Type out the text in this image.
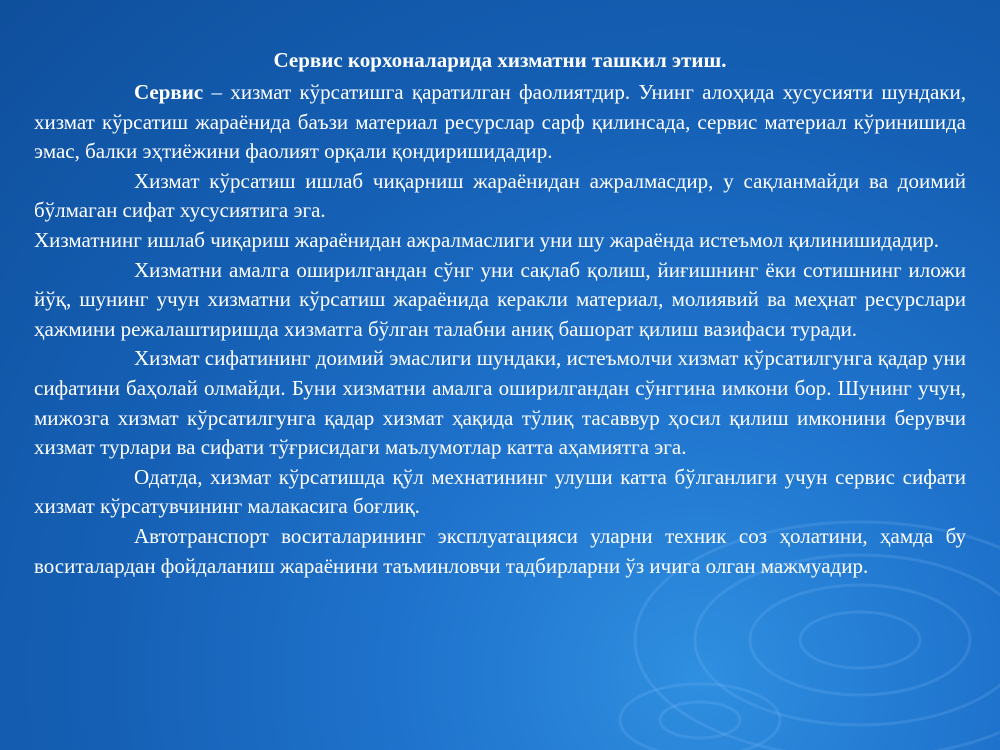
Сервис корхоналарида хизматни ташкил этиш.

Сервис – хизмат кўрсатишга қаратилган фаолиятдир. Унинг алоҳида хусусияти шундаки, хизмат кўрсатиш жараёнида баъзи материал ресурслар сарф қилинсада, сервис материал кўринишида эмас, балки эҳтиёжини фаолият орқали қондиришидадир.

Хизмат кўрсатиш ишлаб чиқарниш жараёнидан ажралмасдир, у сақланмайди ва доимий бўлмаган сифат хусусиятига эга.

Хизматнинг ишлаб чиқариш жараёнидан ажралмаслиги уни шу жараёнда истеъмол қилинишидадир.

Хизматни амалга оширилгандан сўнг уни сақлаб қолиш, йиғишнинг ёки сотишнинг иложи йўқ, шунинг учун хизматни кўрсатиш жараёнида керакли материал, молиявий ва меҳнат ресурслари ҳажмини режалаштиришда хизматга бўлган талабни аниқ башорат қилиш вазифаси туради.

Хизмат сифатининг доимий эмаслиги шундаки, истеъмолчи хизмат кўрсатилгунга қадар уни сифатини баҳолай олмайди. Буни хизматни амалга оширилгандан сўнггина имкони бор. Шунинг учун, мижозга хизмат кўрсатилгунга қадар хизмат ҳақида тўлиқ тасаввур ҳосил қилиш имконини берувчи хизмат турлари ва сифати тўғрисидаги маълумотлар катта аҳамиятга эга.

Одатда, хизмат кўрсатишда қўл мехнатининг улуши катта бўлганлиги учун сервис сифати хизмат кўрсатувчининг малакасига боғлиқ.

Автотранспорт воситаларининг эксплуатацияси уларни техник соз ҳолатини, ҳамда бу воситалардан фойдаланиш жараёнини таъминловчи тадбирларни ўз ичига олган мажмуадир.
